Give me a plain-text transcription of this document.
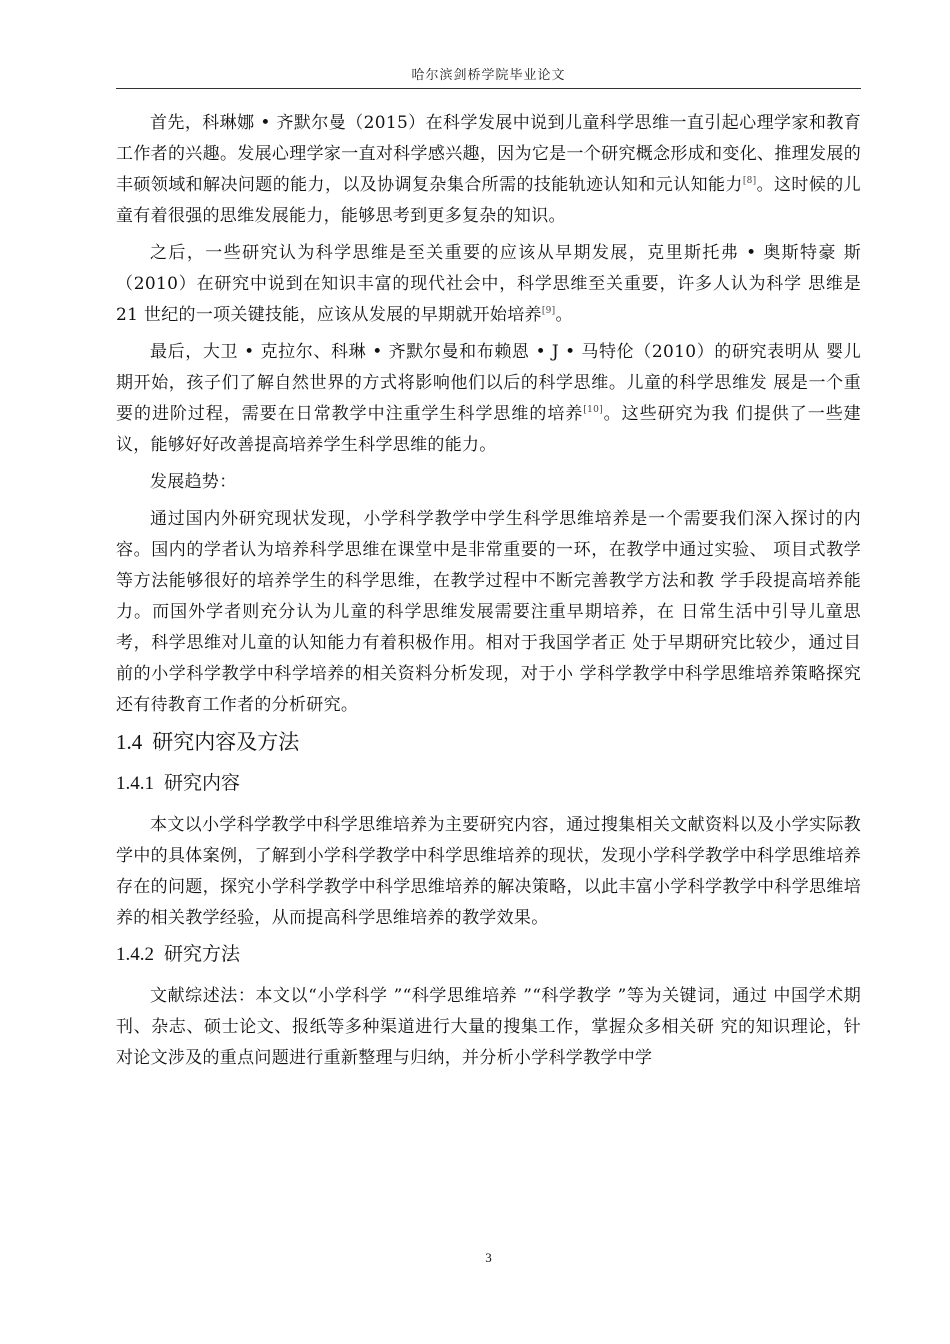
哈尔滨剑桥学院毕业论文

首先，科琳娜 • 齐默尔曼（2015）在科学发展中说到儿童科学思维一直引起心理学家和教育工作者的兴趣。发展心理学家一直对科学感兴趣，因为它是一个研究概念形成和变化、推理发展的丰硕领域和解决问题的能力，以及协调复杂集合所需的技能轨迹认知和元认知能力[8]。这时候的儿童有着很强的思维发展能力，能够思考到更多复杂的知识。

之后，一些研究认为科学思维是至关重要的应该从早期发展，克里斯托弗 • 奥斯特豪 斯（2010）在研究中说到在知识丰富的现代社会中，科学思维至关重要，许多人认为科学 思维是 21 世纪的一项关键技能，应该从发展的早期就开始培养[9]。

最后，大卫 • 克拉尔、科琳 • 齐默尔曼和布赖恩 • J • 马特伦（2010）的研究表明从 婴儿期开始，孩子们了解自然世界的方式将影响他们以后的科学思维。儿童的科学思维发 展是一个重要的进阶过程，需要在日常教学中注重学生科学思维的培养[10]。这些研究为我 们提供了一些建议，能够好好改善提高培养学生科学思维的能力。

发展趋势：

通过国内外研究现状发现，小学科学教学中学生科学思维培养是一个需要我们深入探讨的内容。国内的学者认为培养科学思维在课堂中是非常重要的一环，在教学中通过实验、 项目式教学等方法能够很好的培养学生的科学思维，在教学过程中不断完善教学方法和教 学手段提高培养能力。而国外学者则充分认为儿童的科学思维发展需要注重早期培养，在 日常生活中引导儿童思考，科学思维对儿童的认知能力有着积极作用。相对于我国学者正 处于早期研究比较少，通过目前的小学科学教学中科学培养的相关资料分析发现，对于小 学科学教学中科学思维培养策略探究还有待教育工作者的分析研究。

1.4 研究内容及方法
1.4.1 研究内容

本文以小学科学教学中科学思维培养为主要研究内容，通过搜集相关文献资料以及小学实际教学中的具体案例，了解到小学科学教学中科学思维培养的现状，发现小学科学教学中科学思维培养存在的问题，探究小学科学教学中科学思维培养的解决策略，以此丰富小学科学教学中科学思维培养的相关教学经验，从而提高科学思维培养的教学效果。

1.4.2 研究方法

文献综述法：本文以“小学科学 ”“科学思维培养 ”“科学教学 ”等为关键词，通过 中国学术期刊、杂志、硕士论文、报纸等多种渠道进行大量的搜集工作，掌握众多相关研 究的知识理论，针对论文涉及的重点问题进行重新整理与归纳，并分析小学科学教学中学

3
